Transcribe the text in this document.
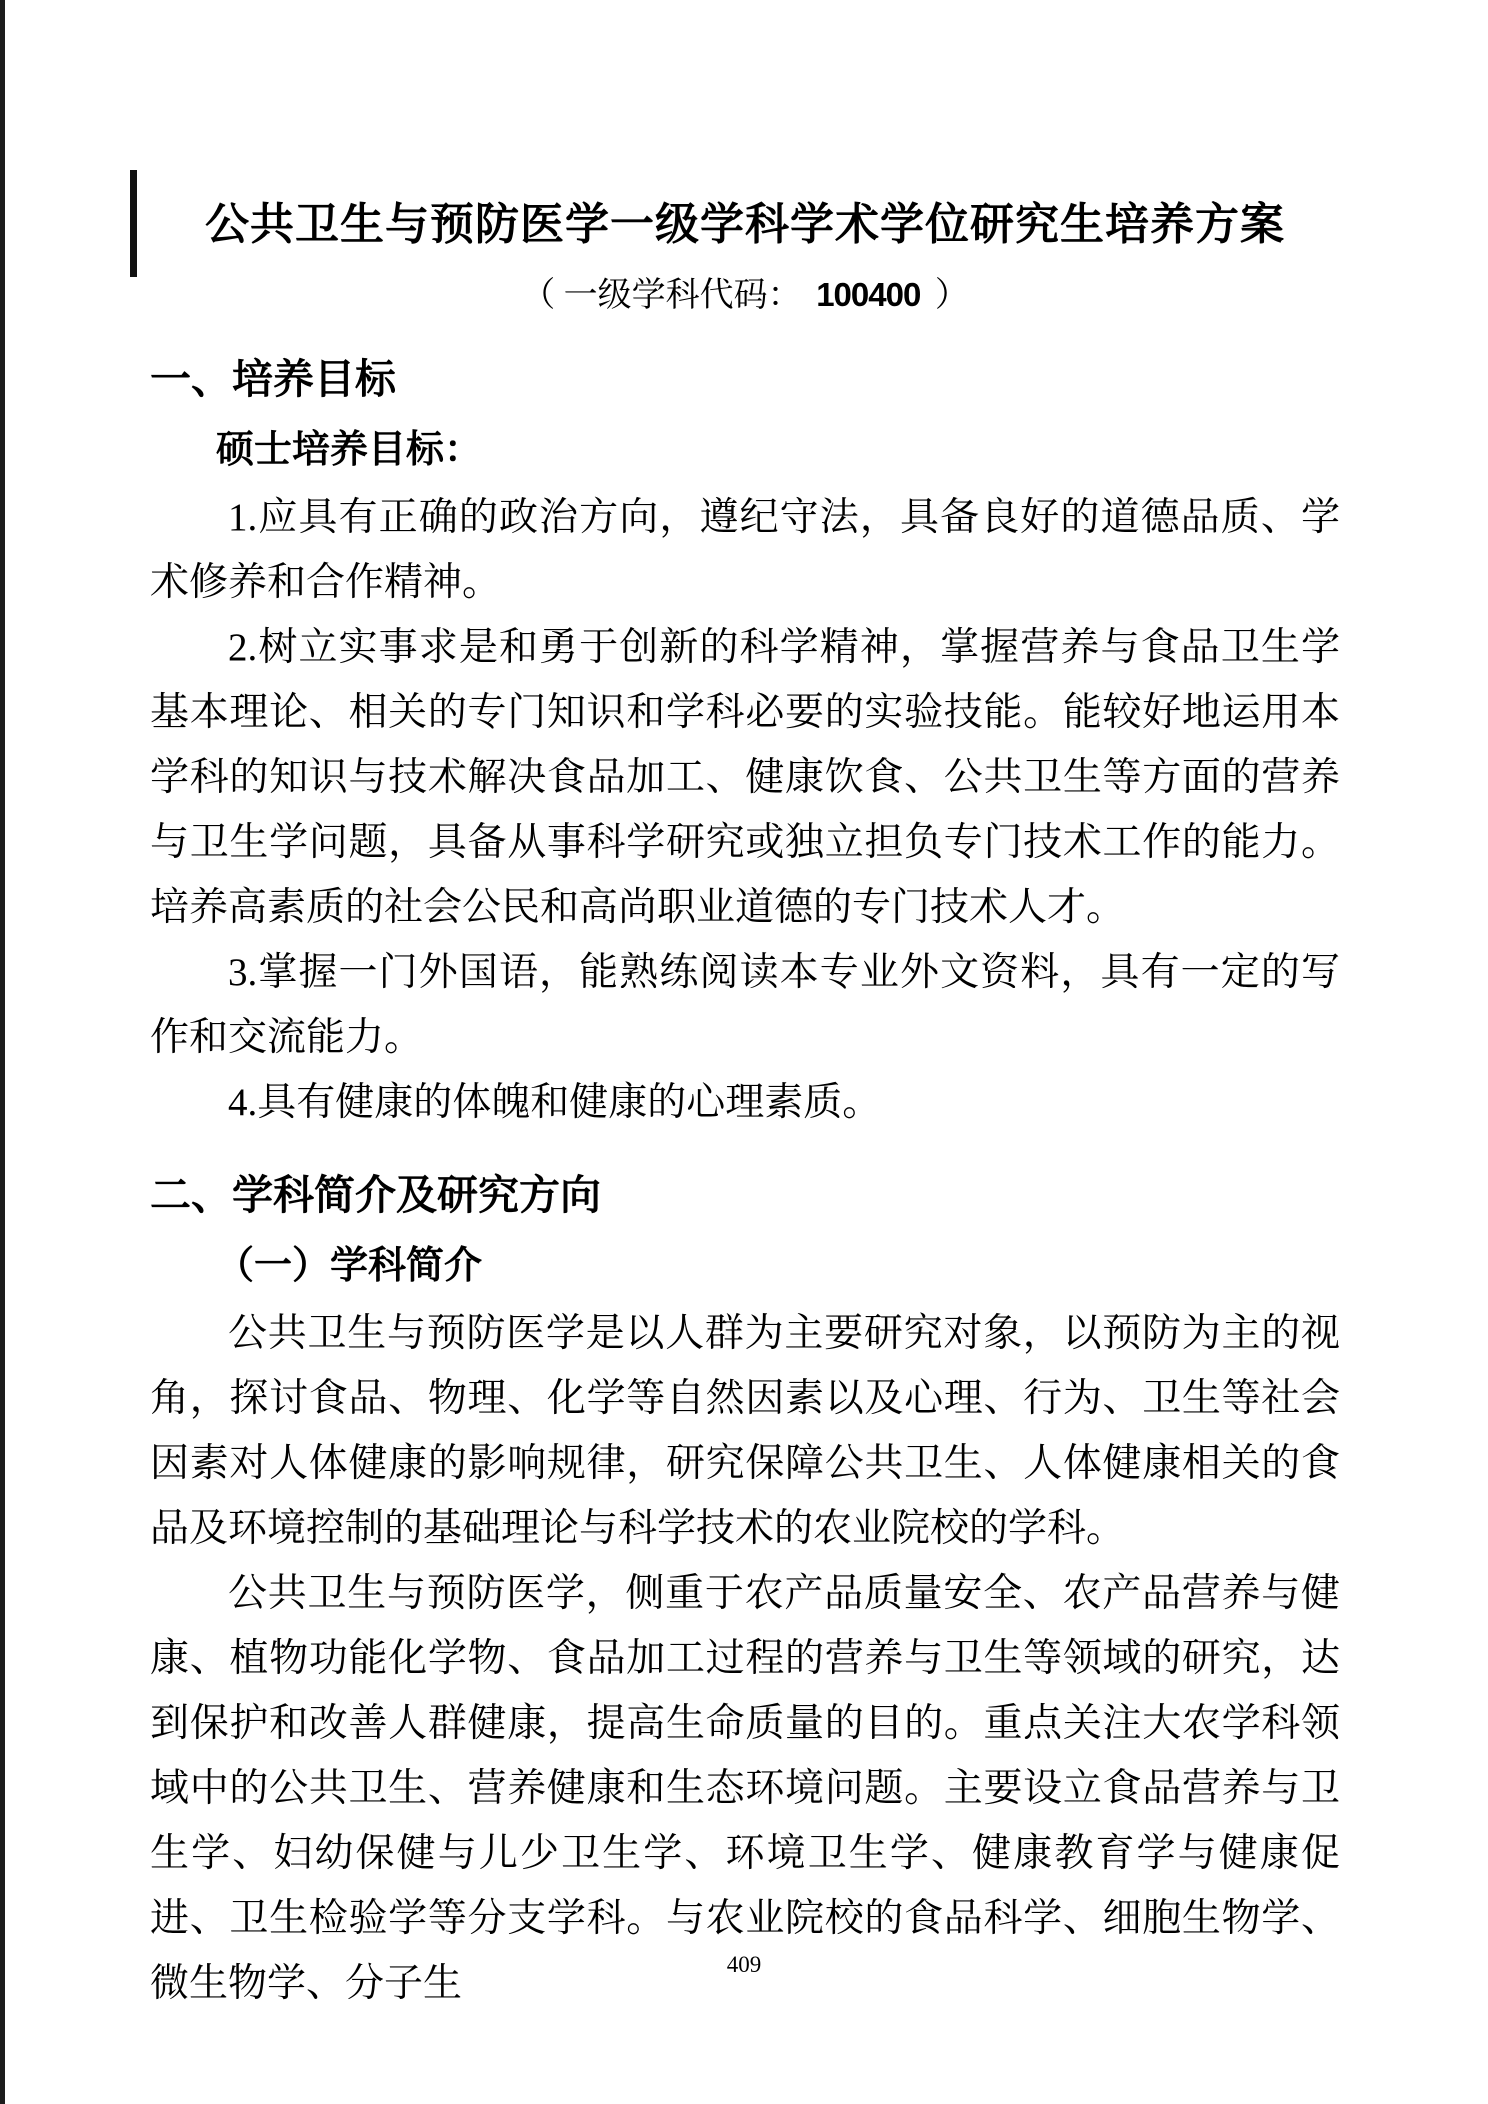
公共卫生与预防医学一级学科学术学位研究生培养方案
（ 一级学科代码： 100400 ）
一、培养目标
硕士培养目标：

1.应具有正确的政治方向，遵纪守法，具备良好的道德品质、学术修养和合作精神。

2.树立实事求是和勇于创新的科学精神，掌握营养与食品卫生学基本理论、相关的专门知识和学科必要的实验技能。能较好地运用本学科的知识与技术解决食品加工、健康饮食、公共卫生等方面的营养与卫生学问题，具备从事科学研究或独立担负专门技术工作的能力。培养高素质的社会公民和高尚职业道德的专门技术人才。

3.掌握一门外国语，能熟练阅读本专业外文资料，具有一定的写作和交流能力。

4.具有健康的体魄和健康的心理素质。

二、学科简介及研究方向
（一）学科简介

公共卫生与预防医学是以人群为主要研究对象，以预防为主的视角，探讨食品、物理、化学等自然因素以及心理、行为、卫生等社会因素对人体健康的影响规律，研究保障公共卫生、人体健康相关的食品及环境控制的基础理论与科学技术的农业院校的学科。

公共卫生与预防医学，侧重于农产品质量安全、农产品营养与健康、植物功能化学物、食品加工过程的营养与卫生等领域的研究，达到保护和改善人群健康，提高生命质量的目的。重点关注大农学科领域中的公共卫生、营养健康和生态环境问题。主要设立食品营养与卫生学、妇幼保健与儿少卫生学、环境卫生学、健康教育学与健康促进、卫生检验学等分支学科。与农业院校的食品科学、细胞生物学、微生物学、分子生	409
